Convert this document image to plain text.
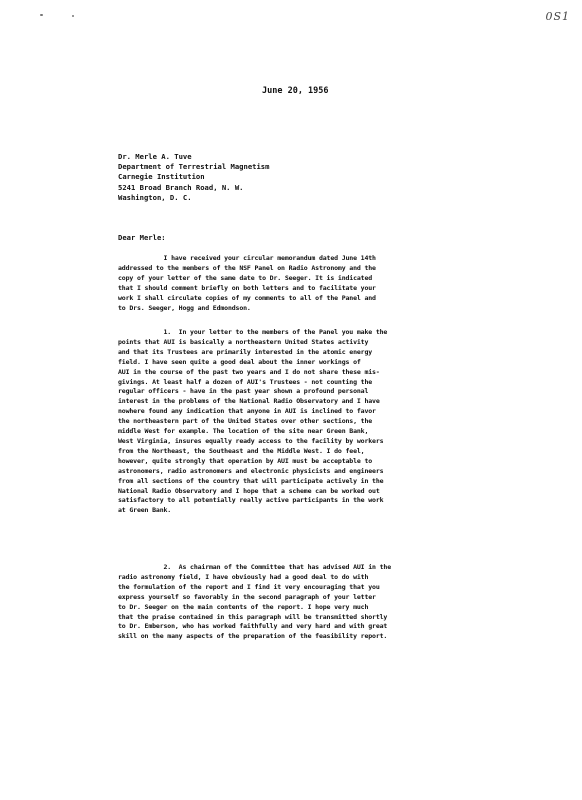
0S1
June 20, 1956
Dr. Merle A. Tuve
Department of Terrestrial Magnetism
Carnegie Institution
5241 Broad Branch Road, N. W.
Washington, D. C.
Dear Merle:
I have received your circular memorandum dated June 14th
addressed to the members of the NSF Panel on Radio Astronomy and the
copy of your letter of the same date to Dr. Seeger. It is indicated
that I should comment briefly on both letters and to facilitate your
work I shall circulate copies of my comments to all of the Panel and
to Drs. Seeger, Hogg and Edmondson.
1.  In your letter to the members of the Panel you make the
points that AUI is basically a northeastern United States activity
and that its Trustees are primarily interested in the atomic energy
field. I have seen quite a good deal about the inner workings of
AUI in the course of the past two years and I do not share these mis-
givings. At least half a dozen of AUI's Trustees - not counting the
regular officers - have in the past year shown a profound personal
interest in the problems of the National Radio Observatory and I have
nowhere found any indication that anyone in AUI is inclined to favor
the northeastern part of the United States over other sections, the
middle West for example. The location of the site near Green Bank,
West Virginia, insures equally ready access to the facility by workers
from the Northeast, the Southeast and the Middle West. I do feel,
however, quite strongly that operation by AUI must be acceptable to
astronomers, radio astronomers and electronic physicists and engineers
from all sections of the country that will participate actively in the
National Radio Observatory and I hope that a scheme can be worked out
satisfactory to all potentially really active participants in the work
at Green Bank.
2.  As chairman of the Committee that has advised AUI in the
radio astronomy field, I have obviously had a good deal to do with
the formulation of the report and I find it very encouraging that you
express yourself so favorably in the second paragraph of your letter
to Dr. Seeger on the main contents of the report. I hope very much
that the praise contained in this paragraph will be transmitted shortly
to Dr. Emberson, who has worked faithfully and very hard and with great
skill on the many aspects of the preparation of the feasibility report.
